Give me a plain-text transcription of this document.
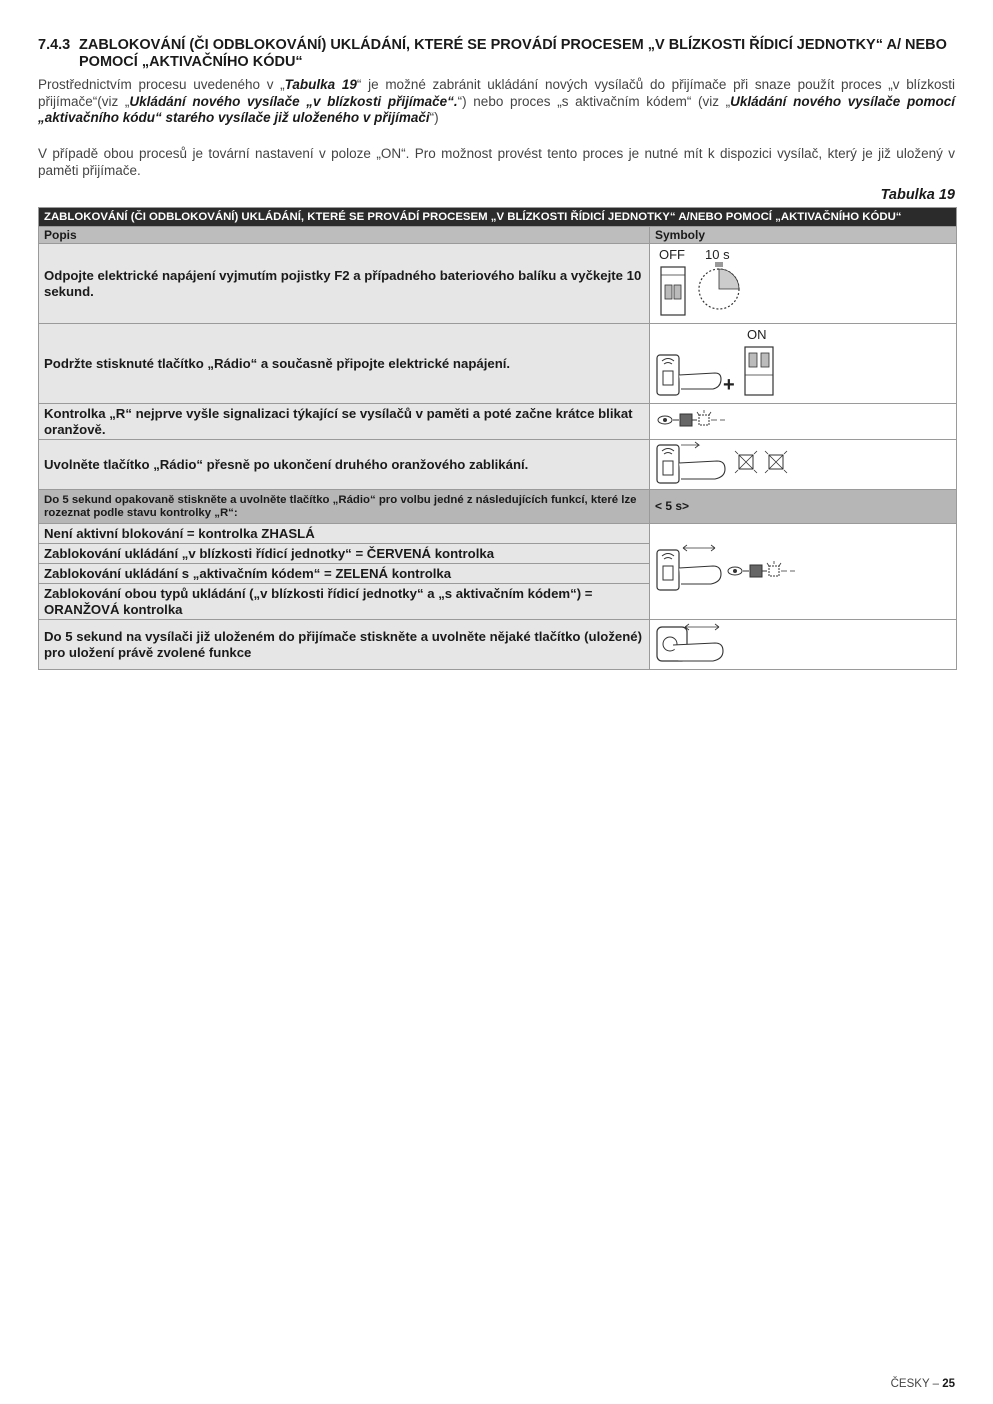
7.4.3 ZABLOKOVÁNÍ (ČI ODBLOKOVÁNÍ) UKLÁDÁNÍ, KTERÉ SE PROVÁDÍ PROCESEM „V BLÍZKOSTI ŘÍDICÍ JEDNOTKY“ A/ NEBO POMOCÍ „AKTIVAČNÍHO KÓDU“
Prostřednictvím procesu uvedeného v „Tabulka 19“ je možné zabránit ukládání nových vysílačů do přijímače při snaze použít proces „v blízkosti přijímače“(viz „Ukládání nového vysílače „v blízkosti přijímače“.“) nebo proces „s aktivačním kódem“ (viz „Ukládání nového vysílače pomocí „aktivačního kódu“ starého vysílače již uloženého v přijímači“)
V případě obou procesů je tovární nastavení v poloze „ON“. Pro možnost provést tento proces je nutné mít k dispozici vysílač, který je již uložený v paměti přijímače.
Tabulka 19
ZABLOKOVÁNÍ (ČI ODBLOKOVÁNÍ) UKLÁDÁNÍ, KTERÉ SE PROVÁDÍ PROCESEM „V BLÍZKOSTI ŘÍDICÍ JEDNOTKY“ A/NEBO POMOCÍ „AKTIVAČNÍHO KÓDU“	
Popis	Symboly
Odpojte elektrické napájení vyjmutím pojistky F2 a případného bateriového balíku a vyčkejte 10 sekund.	OFF 10 s

Podržte stisknuté tlačítko „Rádio“ a současně připojte elektrické napájení.	ON
+

Kontrolka „R“ nejprve vyšle signalizaci týkající se vysílačů v paměti a poté začne krátce blikat oranžově.	
Uvolněte tlačítko „Rádio“ přesně po ukončení druhého oranžového zablikání.	
Do 5 sekund opakovaně stiskněte a uvolněte tlačítko „Rádio“ pro volbu jedné z následujících funkcí, které lze rozeznat podle stavu kontrolky „R“:	< 5 s>
Není aktivní blokování = kontrolka ZHASLÁ	
Zablokování ukládání „v blízkosti řídicí jednotky“ = ČERVENÁ kontrolka	
Zablokování ukládání s „aktivačním kódem“ = ZELENÁ kontrolka	
Zablokování obou typů ukládání („v blízkosti řídicí jednotky“ a „s aktivačním kódem“) = ORANŽOVÁ kontrolka	
Do 5 sekund na vysílači již uloženém do přijímače stiskněte a uvolněte nějaké tlačítko (uložené) pro uložení právě zvolené funkce	
ČESKY – 25
